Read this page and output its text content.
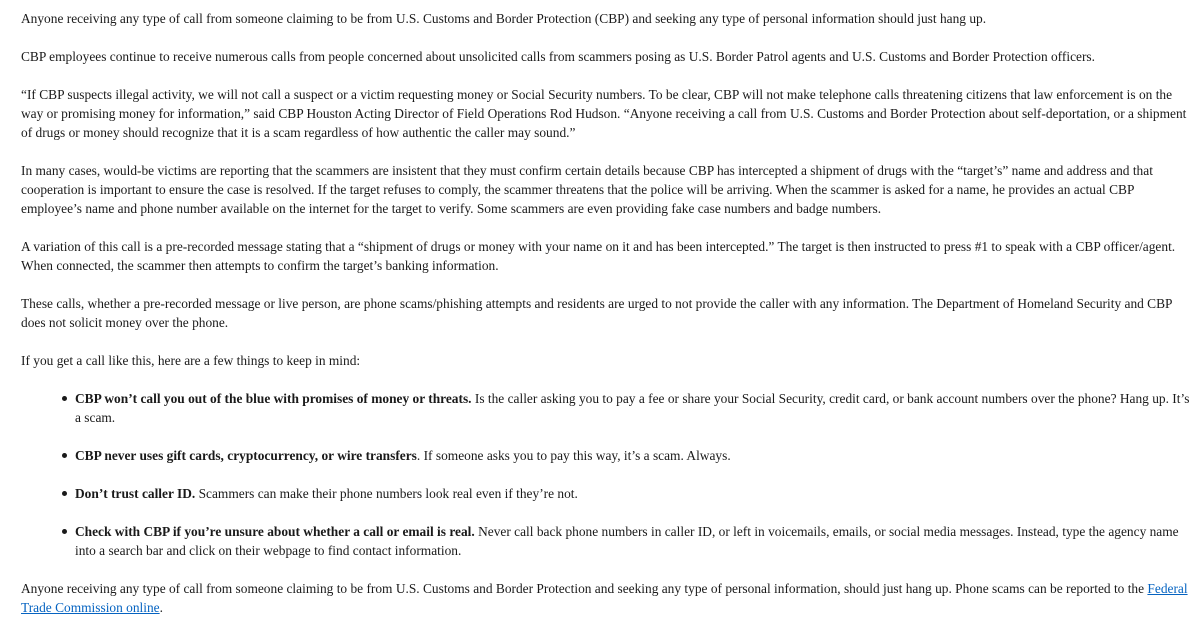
Anyone receiving any type of call from someone claiming to be from U.S. Customs and Border Protection (CBP) and seeking any type of personal information should just hang up.

CBP employees continue to receive numerous calls from people concerned about unsolicited calls from scammers posing as U.S. Border Patrol agents and U.S. Customs and Border Protection officers.

“If CBP suspects illegal activity, we will not call a suspect or a victim requesting money or Social Security numbers. To be clear, CBP will not make telephone calls threatening citizens that law enforcement is on the way or promising money for information,” said CBP Houston Acting Director of Field Operations Rod Hudson. “Anyone receiving a call from U.S. Customs and Border Protection about self-deportation, or a shipment of drugs or money should recognize that it is a scam regardless of how authentic the caller may sound.”

In many cases, would-be victims are reporting that the scammers are insistent that they must confirm certain details because CBP has intercepted a shipment of drugs with the “target’s” name and address and that cooperation is important to ensure the case is resolved. If the target refuses to comply, the scammer threatens that the police will be arriving. When the scammer is asked for a name, he provides an actual CBP employee’s name and phone number available on the internet for the target to verify. Some scammers are even providing fake case numbers and badge numbers.

A variation of this call is a pre-recorded message stating that a “shipment of drugs or money with your name on it and has been intercepted.” The target is then instructed to press #1 to speak with a CBP officer/agent. When connected, the scammer then attempts to confirm the target’s banking information.

These calls, whether a pre-recorded message or live person, are phone scams/phishing attempts and residents are urged to not provide the caller with any information. The Department of Homeland Security and CBP does not solicit money over the phone.

If you get a call like this, here are a few things to keep in mind:

CBP won’t call you out of the blue with promises of money or threats. Is the caller asking you to pay a fee or share your Social Security, credit card, or bank account numbers over the phone? Hang up. It’s a scam.
CBP never uses gift cards, cryptocurrency, or wire transfers. If someone asks you to pay this way, it’s a scam. Always.
Don’t trust caller ID. Scammers can make their phone numbers look real even if they’re not.
Check with CBP if you’re unsure about whether a call or email is real. Never call back phone numbers in caller ID, or left in voicemails, emails, or social media messages. Instead, type the agency name into a search bar and click on their webpage to find contact information.

Anyone receiving any type of call from someone claiming to be from U.S. Customs and Border Protection and seeking any type of personal information, should just hang up. Phone scams can be reported to the Federal Trade Commission online.
